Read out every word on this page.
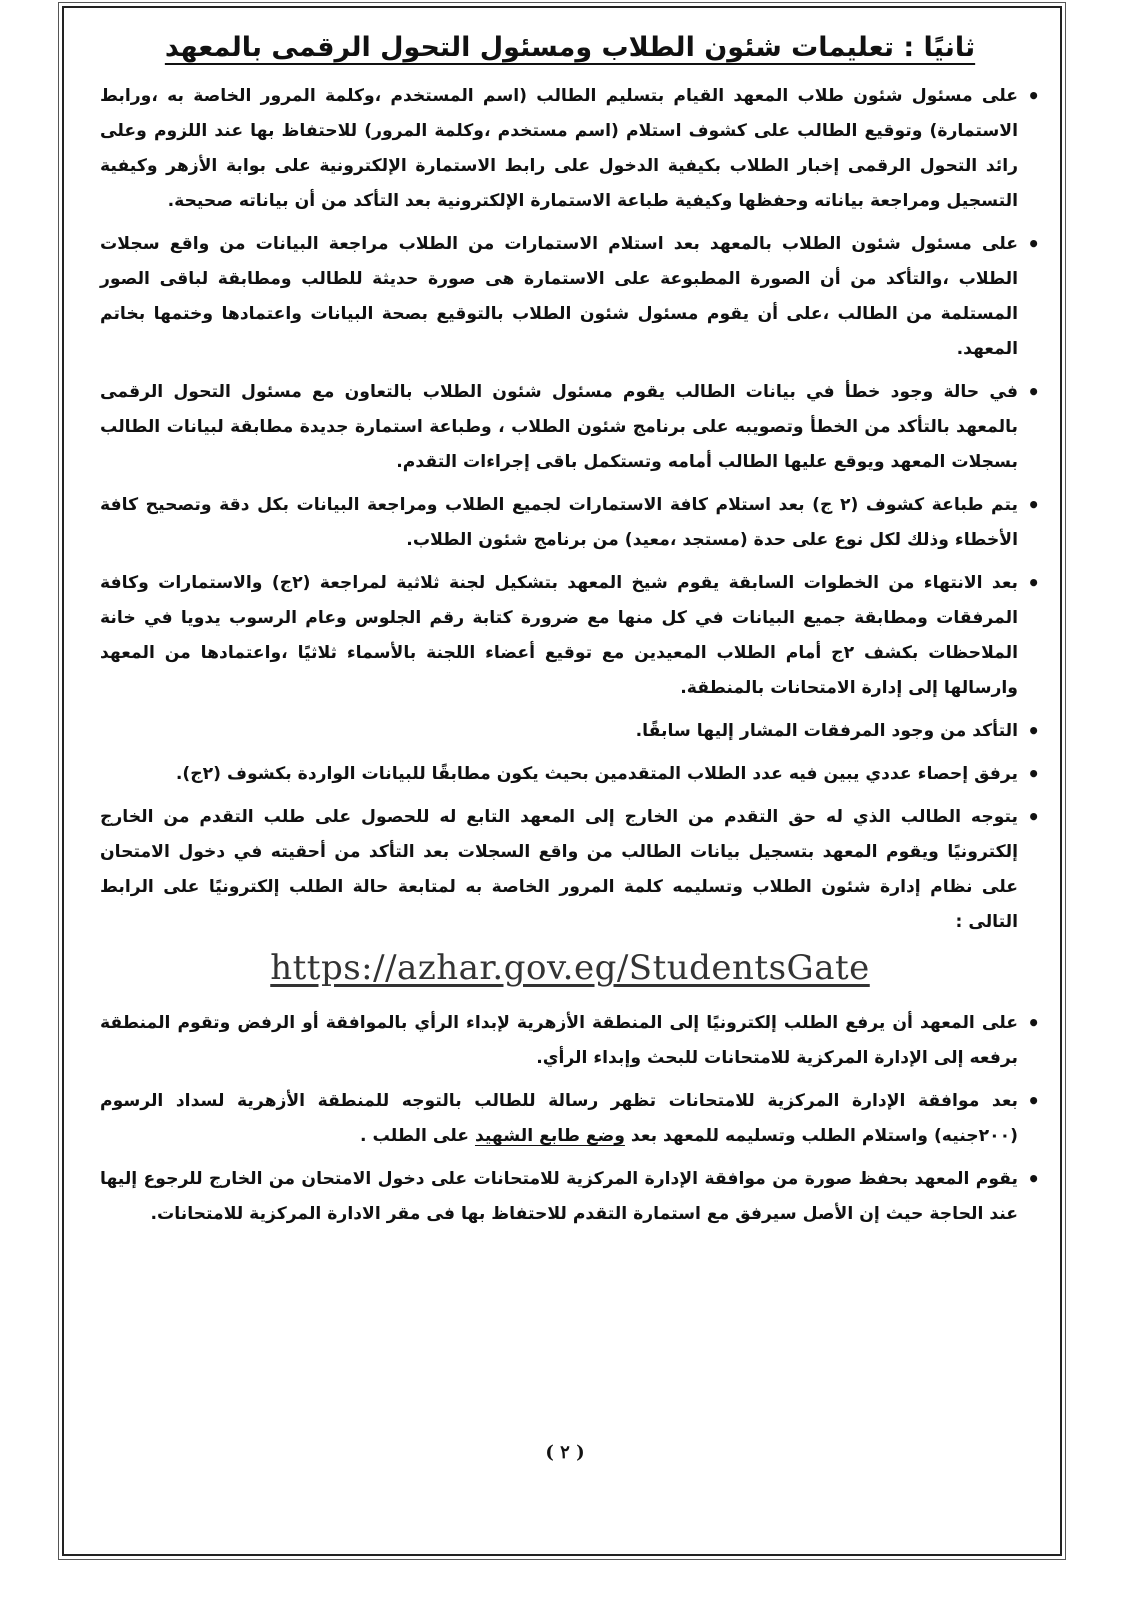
ثانيًا : تعليمات شئون الطلاب ومسئول التحول الرقمى بالمعهد
• على مسئول شئون طلاب المعهد القيام بتسليم الطالب (اسم المستخدم ،وكلمة المرور الخاصة به ،ورابط الاستمارة) وتوقيع الطالب على كشوف استلام (اسم مستخدم ،وكلمة المرور) للاحتفاظ بها عند اللزوم وعلى رائد التحول الرقمى إخبار الطلاب بكيفية الدخول على رابط الاستمارة الإلكترونية على بوابة الأزهر وكيفية التسجيل ومراجعة بياناته وحفظها وكيفية طباعة الاستمارة الإلكترونية بعد التأكد من أن بياناته صحيحة.
• على مسئول شئون الطلاب بالمعهد بعد استلام الاستمارات من الطلاب مراجعة البيانات من واقع سجلات الطلاب ،والتأكد من أن الصورة المطبوعة على الاستمارة هى صورة حديثة للطالب ومطابقة لباقى الصور المستلمة من الطالب ،على أن يقوم مسئول شئون الطلاب بالتوقيع بصحة البيانات واعتمادها وختمها بخاتم المعهد.
• في حالة وجود خطأ في بيانات الطالب يقوم مسئول شئون الطلاب بالتعاون مع مسئول التحول الرقمى بالمعهد بالتأكد من الخطأ وتصويبه على برنامج شئون الطلاب ، وطباعة استمارة جديدة مطابقة لبيانات الطالب بسجلات المعهد ويوقع عليها الطالب أمامه وتستكمل باقى إجراءات التقدم.
• يتم طباعة كشوف (٢ ج) بعد استلام كافة الاستمارات لجميع الطلاب ومراجعة البيانات بكل دقة وتصحيح كافة الأخطاء وذلك لكل نوع على حدة (مستجد ،معيد) من برنامج شئون الطلاب.
• بعد الانتهاء من الخطوات السابقة يقوم شيخ المعهد بتشكيل لجنة ثلاثية لمراجعة (٢ج) والاستمارات وكافة المرفقات ومطابقة جميع البيانات في كل منها مع ضرورة كتابة رقم الجلوس وعام الرسوب يدويا في خانة الملاحظات بكشف ٢ج أمام الطلاب المعيدين مع توقيع أعضاء اللجنة بالأسماء ثلاثيًا ،واعتمادها من المعهد وارسالها إلى إدارة الامتحانات بالمنطقة.
• التأكد من وجود المرفقات المشار إليها سابقًا.
• يرفق إحصاء عددي يبين فيه عدد الطلاب المتقدمين بحيث يكون مطابقًا للبيانات الواردة بكشوف (٢ج).
• يتوجه الطالب الذي له حق التقدم من الخارج إلى المعهد التابع له للحصول على طلب التقدم من الخارج إلكترونيًا ويقوم المعهد بتسجيل بيانات الطالب من واقع السجلات بعد التأكد من أحقيته في دخول الامتحان على نظام إدارة شئون الطلاب وتسليمه كلمة المرور الخاصة به لمتابعة حالة الطلب إلكترونيًا على الرابط التالى :
https://azhar.gov.eg/StudentsGate
• على المعهد أن يرفع الطلب إلكترونيًا إلى المنطقة الأزهرية لإبداء الرأي بالموافقة أو الرفض وتقوم المنطقة برفعه إلى الإدارة المركزية للامتحانات للبحث وإبداء الرأي.
• بعد موافقة الإدارة المركزية للامتحانات تظهر رسالة للطالب بالتوجه للمنطقة الأزهرية لسداد الرسوم (٢٠٠جنيه) واستلام الطلب وتسليمه للمعهد بعد وضع طابع الشهيد على الطلب .
• يقوم المعهد بحفظ صورة من موافقة الإدارة المركزية للامتحانات على دخول الامتحان من الخارج للرجوع إليها عند الحاجة حيث إن الأصل سيرفق مع استمارة التقدم للاحتفاظ بها فى مقر الادارة المركزية للامتحانات.
( ٢ )
